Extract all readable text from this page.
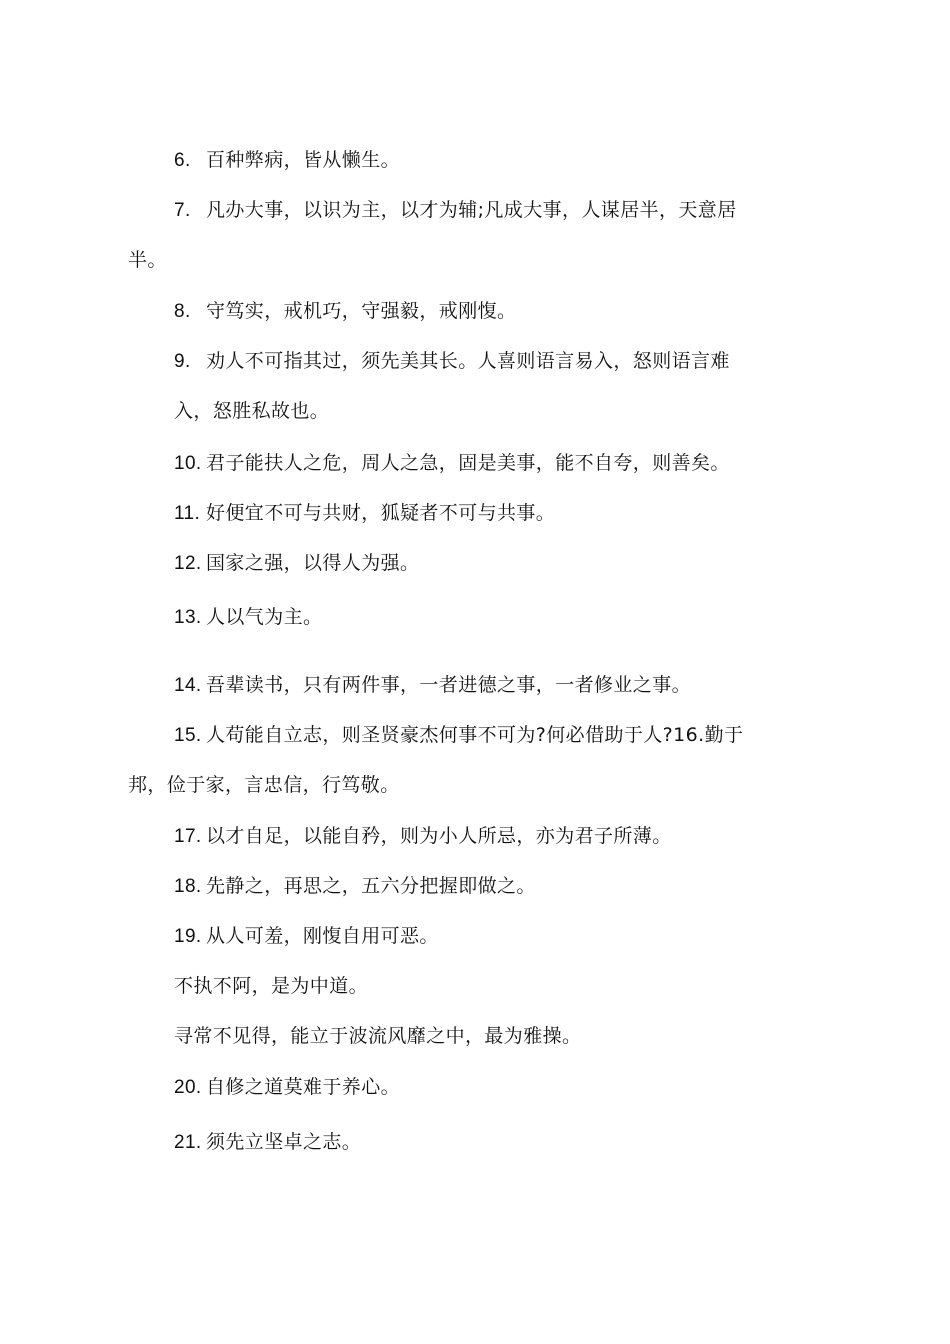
6. 百种弊病，皆从懒生。
7. 凡办大事，以识为主，以才为辅;凡成大事，人谋居半，天意居
半。
8. 守笃实，戒机巧，守强毅，戒刚愎。
9. 劝人不可指其过，须先美其长。人喜则语言易入，怒则语言难
入，怒胜私故也。
10. 君子能扶人之危，周人之急，固是美事，能不自夸，则善矣。
11. 好便宜不可与共财，狐疑者不可与共事。
12. 国家之强，以得人为强。
13. 人以气为主。
14. 吾辈读书，只有两件事，一者进德之事，一者修业之事。
15. 人苟能自立志，则圣贤豪杰何事不可为?何必借助于人?16.勤于
邦，俭于家，言忠信，行笃敬。
17. 以才自足，以能自矜，则为小人所忌，亦为君子所薄。
18. 先静之，再思之，五六分把握即做之。
19. 从人可羞，刚愎自用可恶。
不执不阿，是为中道。
寻常不见得，能立于波流风靡之中，最为雅操。
20. 自修之道莫难于养心。
21. 须先立坚卓之志。
